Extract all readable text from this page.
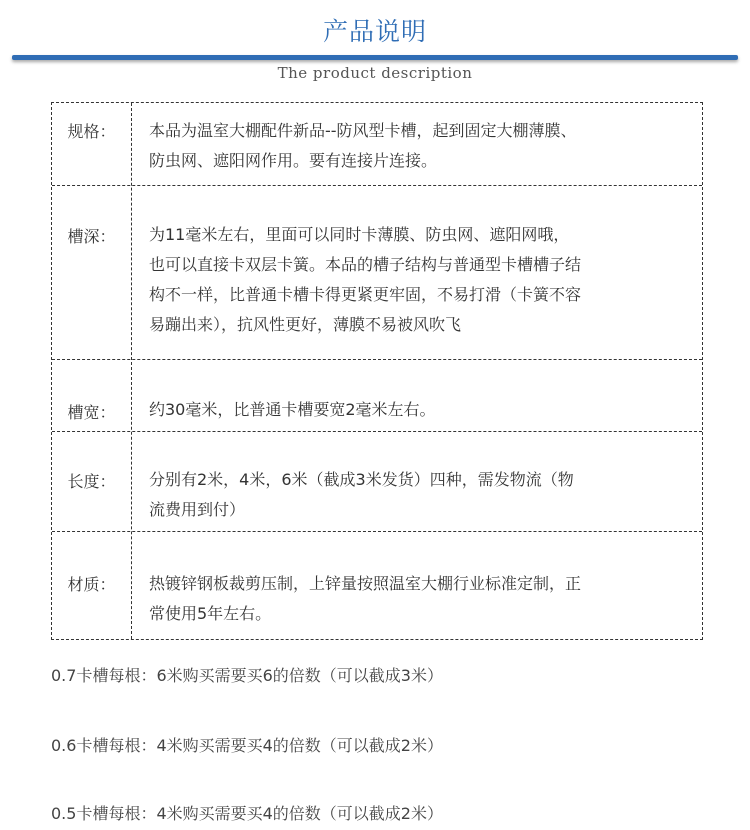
产品说明
The product description
规格：	本品为温室大棚配件新品--防风型卡槽，起到固定大棚薄膜、
防虫网、遮阳网作用。要有连接片连接。
槽深：	为11毫米左右，里面可以同时卡薄膜、防虫网、遮阳网哦，
也可以直接卡双层卡簧。本品的槽子结构与普通型卡槽槽子结
构不一样，比普通卡槽卡得更紧更牢固，不易打滑（卡簧不容
易蹦出来），抗风性更好，薄膜不易被风吹飞
槽宽：	约30毫米，比普通卡槽要宽2毫米左右。
长度：	分别有2米，4米，6米（截成3米发货）四种，需发物流（物
流费用到付）
材质：	热镀锌钢板裁剪压制，上锌量按照温室大棚行业标准定制，正
常使用5年左右。
0.7卡槽每根：6米购买需要买6的倍数（可以截成3米）
0.6卡槽每根：4米购买需要买4的倍数（可以截成2米）
0.5卡槽每根：4米购买需要买4的倍数（可以截成2米）
